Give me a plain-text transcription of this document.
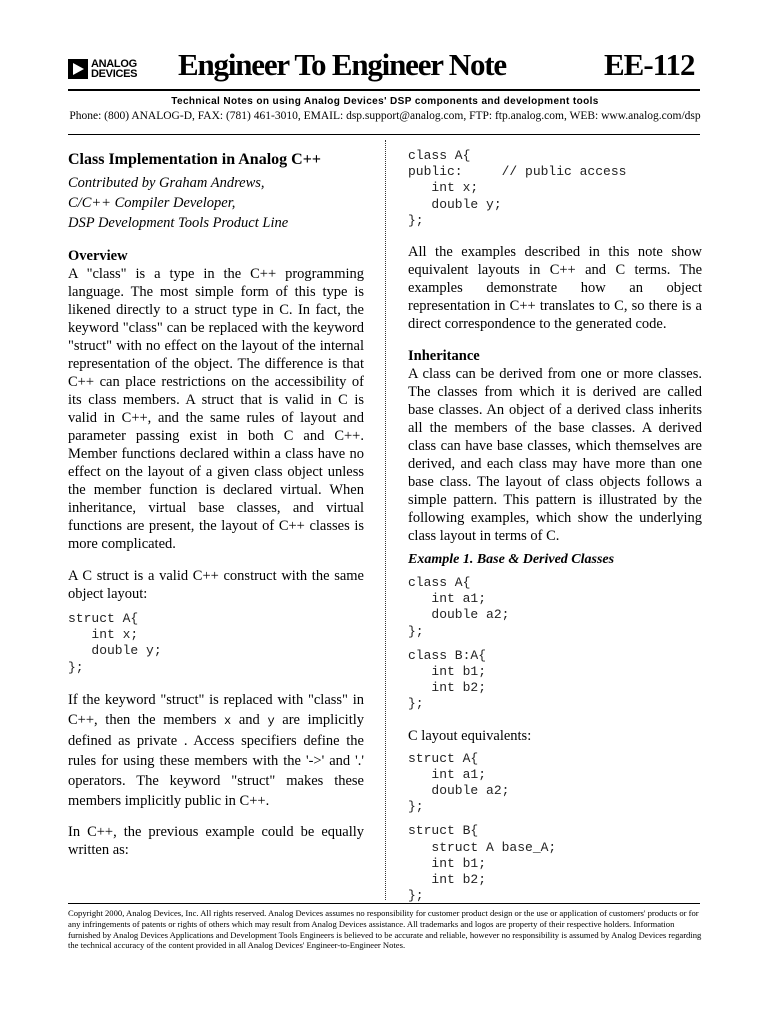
ANALOG
DEVICES Engineer To Engineer Note	EE-112
Technical Notes on using Analog Devices' DSP components and development tools
Phone: (800) ANALOG-D, FAX: (781) 461-3010, EMAIL: dsp.support@analog.com, FTP: ftp.analog.com, WEB: www.analog.com/dsp
Class Implementation in Analog C++

Contributed by Graham Andrews,

C/C++ Compiler Developer,

DSP Development Tools Product Line

Overview

A "class" is a type in the C++ programming language. The most simple form of this type is likened directly to a struct type in C. In fact, the keyword "class" can be replaced with the keyword "struct" with no effect on the layout of the internal representation of the object. The difference is that C++ can place restrictions on the accessibility of its class members. A struct that is valid in C is valid in C++, and the same rules of layout and parameter passing exist in both C and C++. Member functions declared within a class have no effect on the layout of a given class object unless the member function is declared virtual. When inheritance, virtual base classes, and virtual functions are present, the layout of C++ classes is more complicated.

A C struct is a valid C++ construct with the same object layout:

struct A{
int x;
double y;
};

If the keyword "struct" is replaced with "class" in C++, then the members x and y are implicitly defined as private . Access specifiers define the rules for using these members with the '->' and '.' operators. The keyword "struct" makes these members implicitly public in C++.

In C++, the previous example could be equally written as:

class A{
public:     // public access
int x;
double y;
};

All the examples described in this note show equivalent layouts in C++ and C terms. The examples demonstrate how an object representation in C++ translates to C, so there is a direct correspondence to the generated code.

Inheritance

A class can be derived from one or more classes. The classes from which it is derived are called base classes. An object of a derived class inherits all the members of the base classes. A derived class can have base classes, which themselves are derived, and each class may have more than one base class. The layout of class objects follows a simple pattern. This pattern is illustrated by the following examples, which show the underlying class layout in terms of C.

Example 1. Base & Derived Classes
class A{
int a1;
double a2;
};
class B:A{
int b1;
int b2;
};

C layout equivalents:

struct A{
int a1;
double a2;
};
struct B{
struct A base_A;
int b1;
int b2;
};
Copyright 2000, Analog Devices, Inc. All rights reserved. Analog Devices assumes no responsibility for customer product design or the use or application of customers' products or for any infringements of patents or rights of others which may result from Analog Devices assistance. All trademarks and logos are property of their respective holders. Information furnished by Analog Devices Applications and Development Tools Engineers is believed to be accurate and reliable, however no responsibility is assumed by Analog Devices regarding the technical accuracy of the content provided in all Analog Devices' Engineer-to-Engineer Notes.
